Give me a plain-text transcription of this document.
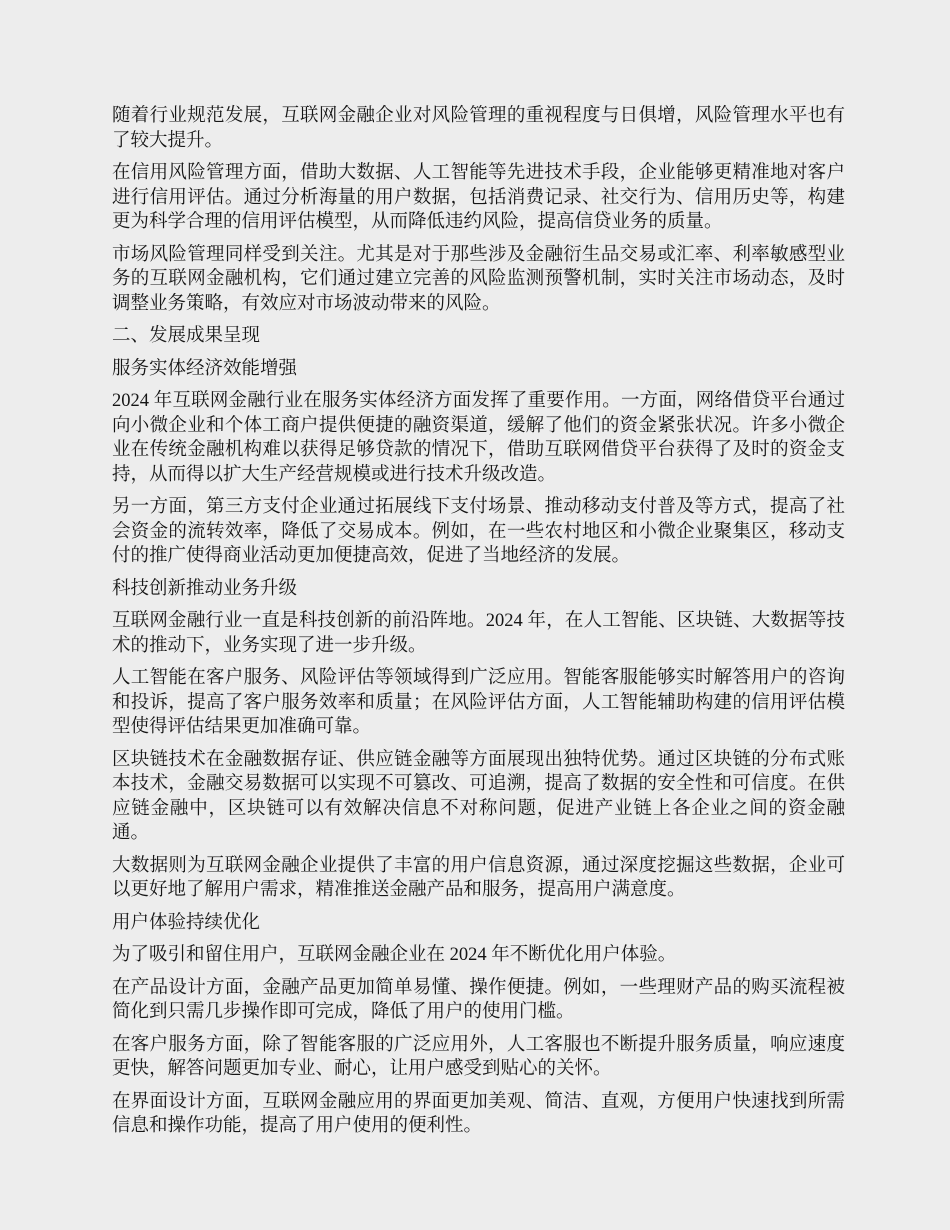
随着行业规范发展，互联网金融企业对风险管理的重视程度与日俱增，风险管理水平也有了较大提升。

在信用风险管理方面，借助大数据、人工智能等先进技术手段，企业能够更精准地对客户进行信用评估。通过分析海量的用户数据，包括消费记录、社交行为、信用历史等，构建更为科学合理的信用评估模型，从而降低违约风险，提高信贷业务的质量。

市场风险管理同样受到关注。尤其是对于那些涉及金融衍生品交易或汇率、利率敏感型业务的互联网金融机构，它们通过建立完善的风险监测预警机制，实时关注市场动态，及时调整业务策略，有效应对市场波动带来的风险。

二、发展成果呈现

服务实体经济效能增强

2024 年互联网金融行业在服务实体经济方面发挥了重要作用。一方面，网络借贷平台通过向小微企业和个体工商户提供便捷的融资渠道，缓解了他们的资金紧张状况。许多小微企业在传统金融机构难以获得足够贷款的情况下，借助互联网借贷平台获得了及时的资金支持，从而得以扩大生产经营规模或进行技术升级改造。

另一方面，第三方支付企业通过拓展线下支付场景、推动移动支付普及等方式，提高了社会资金的流转效率，降低了交易成本。例如，在一些农村地区和小微企业聚集区，移动支付的推广使得商业活动更加便捷高效，促进了当地经济的发展。

科技创新推动业务升级

互联网金融行业一直是科技创新的前沿阵地。2024 年，在人工智能、区块链、大数据等技术的推动下，业务实现了进一步升级。

人工智能在客户服务、风险评估等领域得到广泛应用。智能客服能够实时解答用户的咨询和投诉，提高了客户服务效率和质量；在风险评估方面，人工智能辅助构建的信用评估模型使得评估结果更加准确可靠。

区块链技术在金融数据存证、供应链金融等方面展现出独特优势。通过区块链的分布式账本技术，金融交易数据可以实现不可篡改、可追溯，提高了数据的安全性和可信度。在供应链金融中，区块链可以有效解决信息不对称问题，促进产业链上各企业之间的资金融通。

大数据则为互联网金融企业提供了丰富的用户信息资源，通过深度挖掘这些数据，企业可以更好地了解用户需求，精准推送金融产品和服务，提高用户满意度。

用户体验持续优化

为了吸引和留住用户，互联网金融企业在 2024 年不断优化用户体验。

在产品设计方面，金融产品更加简单易懂、操作便捷。例如，一些理财产品的购买流程被简化到只需几步操作即可完成，降低了用户的使用门槛。

在客户服务方面，除了智能客服的广泛应用外，人工客服也不断提升服务质量，响应速度更快，解答问题更加专业、耐心，让用户感受到贴心的关怀。

在界面设计方面，互联网金融应用的界面更加美观、简洁、直观，方便用户快速找到所需信息和操作功能，提高了用户使用的便利性。
